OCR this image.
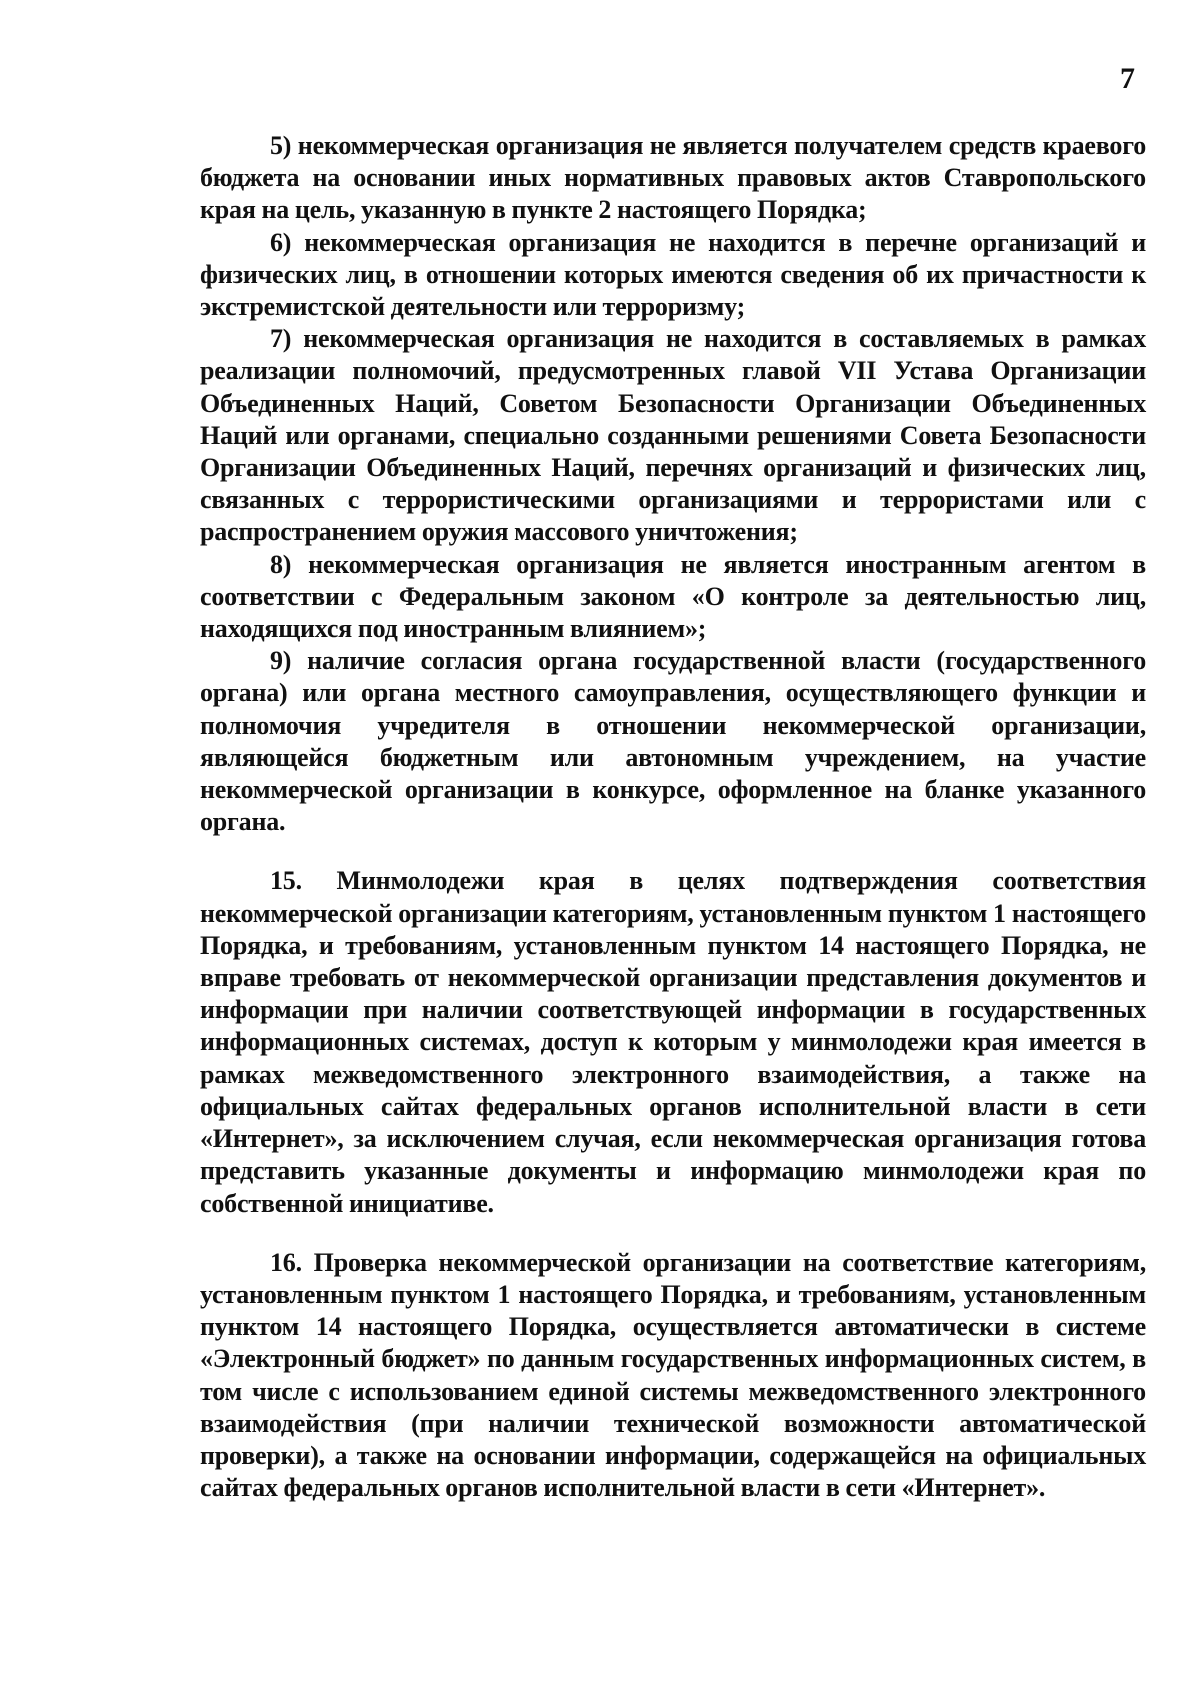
7

5) некоммерческая организация не является получателем средств краевого бюджета на основании иных нормативных правовых актов Ставропольского края на цель, указанную в пункте 2 настоящего Порядка;

6) некоммерческая организация не находится в перечне организаций и физических лиц, в отношении которых имеются сведения об их причастности к экстремистской деятельности или терроризму;

7) некоммерческая организация не находится в составляемых в рамках реализации полномочий, предусмотренных главой VII Устава Организации Объединенных Наций, Советом Безопасности Организации Объединенных Наций или органами, специально созданными решениями Совета Безопасности Организации Объединенных Наций, перечнях организаций и физических лиц, связанных с террористическими организациями и террористами или с распространением оружия массового уничтожения;

8) некоммерческая организация не является иностранным агентом в соответствии с Федеральным законом «О контроле за деятельностью лиц, находящихся под иностранным влиянием»;

9) наличие согласия органа государственной власти (государственного органа) или органа местного самоуправления, осуществляющего функции и полномочия учредителя в отношении некоммерческой организации, являющейся бюджетным или автономным учреждением, на участие некоммерческой организации в конкурсе, оформленное на бланке указанного органа.

15. Минмолодежи края в целях подтверждения соответствия некоммерческой организации категориям, установленным пунктом 1 настоящего Порядка, и требованиям, установленным пунктом 14 настоящего Порядка, не вправе требовать от некоммерческой организации представления документов и информации при наличии соответствующей информации в государственных информационных системах, доступ к которым у минмолодежи края имеется в рамках межведомственного электронного взаимодействия, а также на официальных сайтах федеральных органов исполнительной власти в сети «Интернет», за исключением случая, если некоммерческая организация готова представить указанные документы и информацию минмолодежи края по собственной инициативе.

16. Проверка некоммерческой организации на соответствие категориям, установленным пунктом 1 настоящего Порядка, и требованиям, установленным пунктом 14 настоящего Порядка, осуществляется автоматически в системе «Электронный бюджет» по данным государственных информационных систем, в том числе с использованием единой системы межведомственного электронного взаимодействия (при наличии технической возможности автоматической проверки), а также на основании информации, содержащейся на официальных сайтах федеральных органов исполнительной власти в сети «Интернет».
